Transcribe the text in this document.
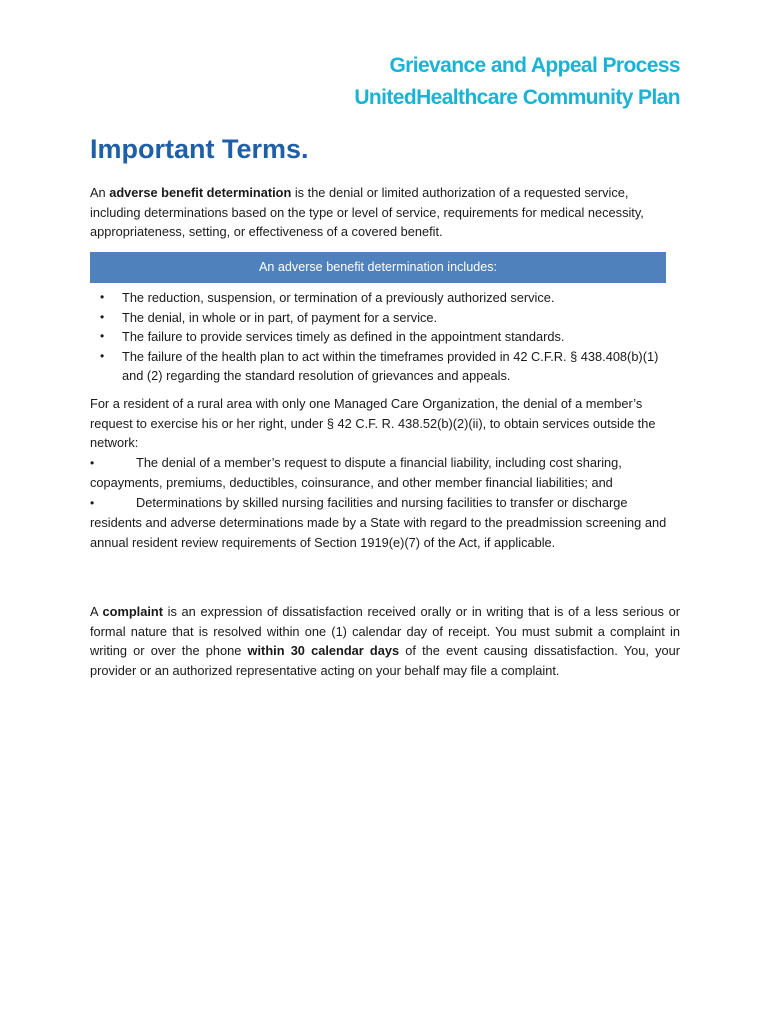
Grievance and Appeal Process
UnitedHealthcare Community Plan
Important Terms.

An adverse benefit determination is the denial or limited authorization of a requested service, including determinations based on the type or level of service, requirements for medical necessity, appropriateness, setting, or effectiveness of a covered benefit.

An adverse benefit determination includes:
• The reduction, suspension, or termination of a previously authorized service.
• The denial, in whole or in part, of payment for a service.
• The failure to provide services timely as defined in the appointment standards.
• The failure of the health plan to act within the timeframes provided in 42 C.F.R. § 438.408(b)(1) and (2) regarding the standard resolution of grievances and appeals.
For a resident of a rural area with only one Managed Care Organization, the denial of a member’s request to exercise his or her right, under § 42 C.F. R. 438.52(b)(2)(ii), to obtain services outside the network:
•	The denial of a member’s request to dispute a financial liability, including cost sharing, copayments, premiums, deductibles, coinsurance, and other member financial liabilities; and
•	Determinations by skilled nursing facilities and nursing facilities to transfer or discharge residents and adverse determinations made by a State with regard to the preadmission screening and annual resident review requirements of Section 1919(e)(7) of the Act, if applicable.

A complaint is an expression of dissatisfaction received orally or in writing that is of a less serious or formal nature that is resolved within one (1) calendar day of receipt. You must submit a complaint in writing or over the phone within 30 calendar days of the event causing dissatisfaction. You, your provider or an authorized representative acting on your behalf may file a complaint.
